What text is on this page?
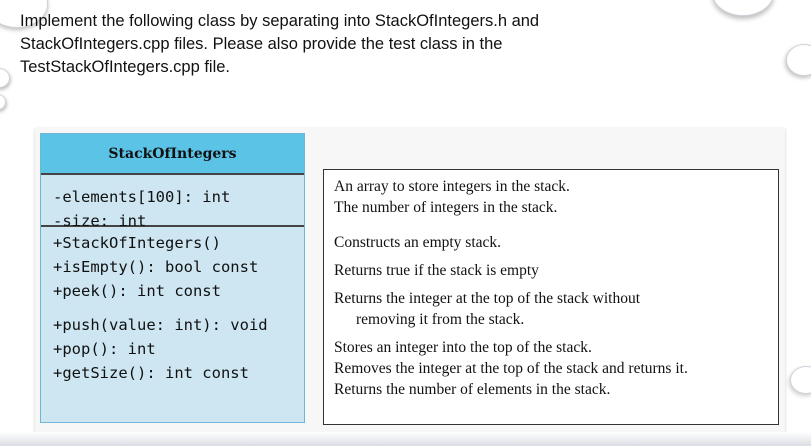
Implement the following class by separating into StackOfIntegers.h and

StackOfIntegers.cpp files. Please also provide the test class in the

TestStackOfIntegers.cpp file.

StackOfIntegers
-elements[100]: int
-size: int
+StackOfIntegers()
+isEmpty(): bool const
+peek(): int const
+push(value: int): void
+pop(): int
+getSize(): int const
An array to store integers in the stack.
The number of integers in the stack.
Constructs an empty stack.
Returns true if the stack is empty
Returns the integer at the top of the stack without
removing it from the stack.
Stores an integer into the top of the stack.
Removes the integer at the top of the stack and returns it.
Returns the number of elements in the stack.
